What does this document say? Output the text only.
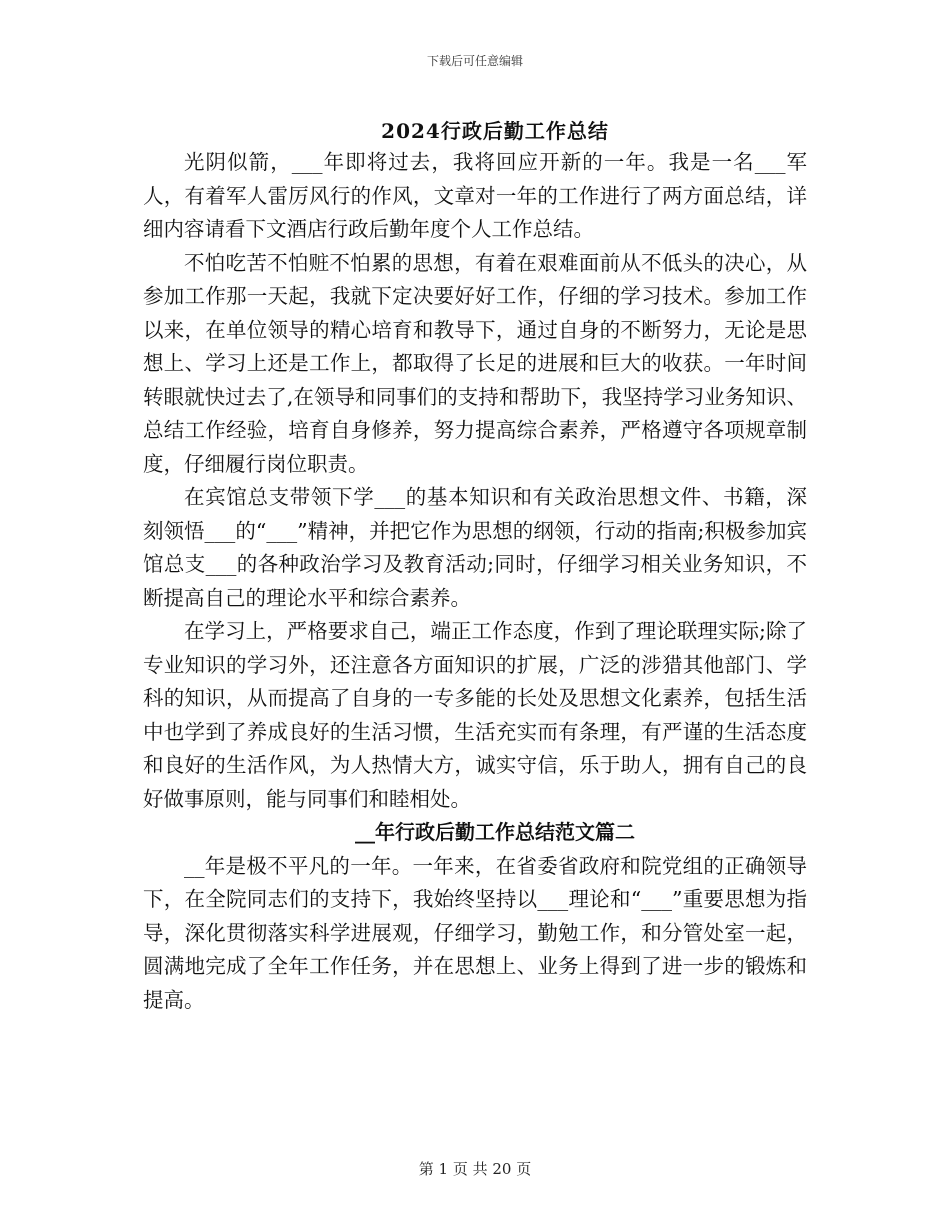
下载后可任意编辑
2024行政后勤工作总结

光阴似箭，___年即将过去，我将回应开新的一年。我是一名___军人，有着军人雷厉风行的作风，文章对一年的工作进行了两方面总结，详细内容请看下文酒店行政后勤年度个人工作总结。

不怕吃苦不怕赃不怕累的思想，有着在艰难面前从不低头的决心，从参加工作那一天起，我就下定决要好好工作，仔细的学习技术。参加工作以来，在单位领导的精心培育和教导下，通过自身的不断努力，无论是思想上、学习上还是工作上，都取得了长足的进展和巨大的收获。一年时间转眼就快过去了,在领导和同事们的支持和帮助下，我坚持学习业务知识、总结工作经验，培育自身修养，努力提高综合素养，严格遵守各项规章制度，仔细履行岗位职责。

在宾馆总支带领下学___的基本知识和有关政治思想文件、书籍，深刻领悟___的“___”精神，并把它作为思想的纲领，行动的指南;积极参加宾馆总支___的各种政治学习及教育活动;同时，仔细学习相关业务知识，不断提高自己的理论水平和综合素养。

在学习上，严格要求自己，端正工作态度，作到了理论联理实际;除了专业知识的学习外，还注意各方面知识的扩展，广泛的涉猎其他部门、学科的知识，从而提高了自身的一专多能的长处及思想文化素养，包括生活中也学到了养成良好的生活习惯，生活充实而有条理，有严谨的生活态度和良好的生活作风，为人热情大方，诚实守信，乐于助人，拥有自己的良好做事原则，能与同事们和睦相处。

__年行政后勤工作总结范文篇二

__年是极不平凡的一年。一年来，在省委省政府和院党组的正确领导下，在全院同志们的支持下，我始终坚持以___理论和“___”重要思想为指导，深化贯彻落实科学进展观，仔细学习，勤勉工作，和分管处室一起，圆满地完成了全年工作任务，并在思想上、业务上得到了进一步的锻炼和提高。

第 1 页 共 20 页
